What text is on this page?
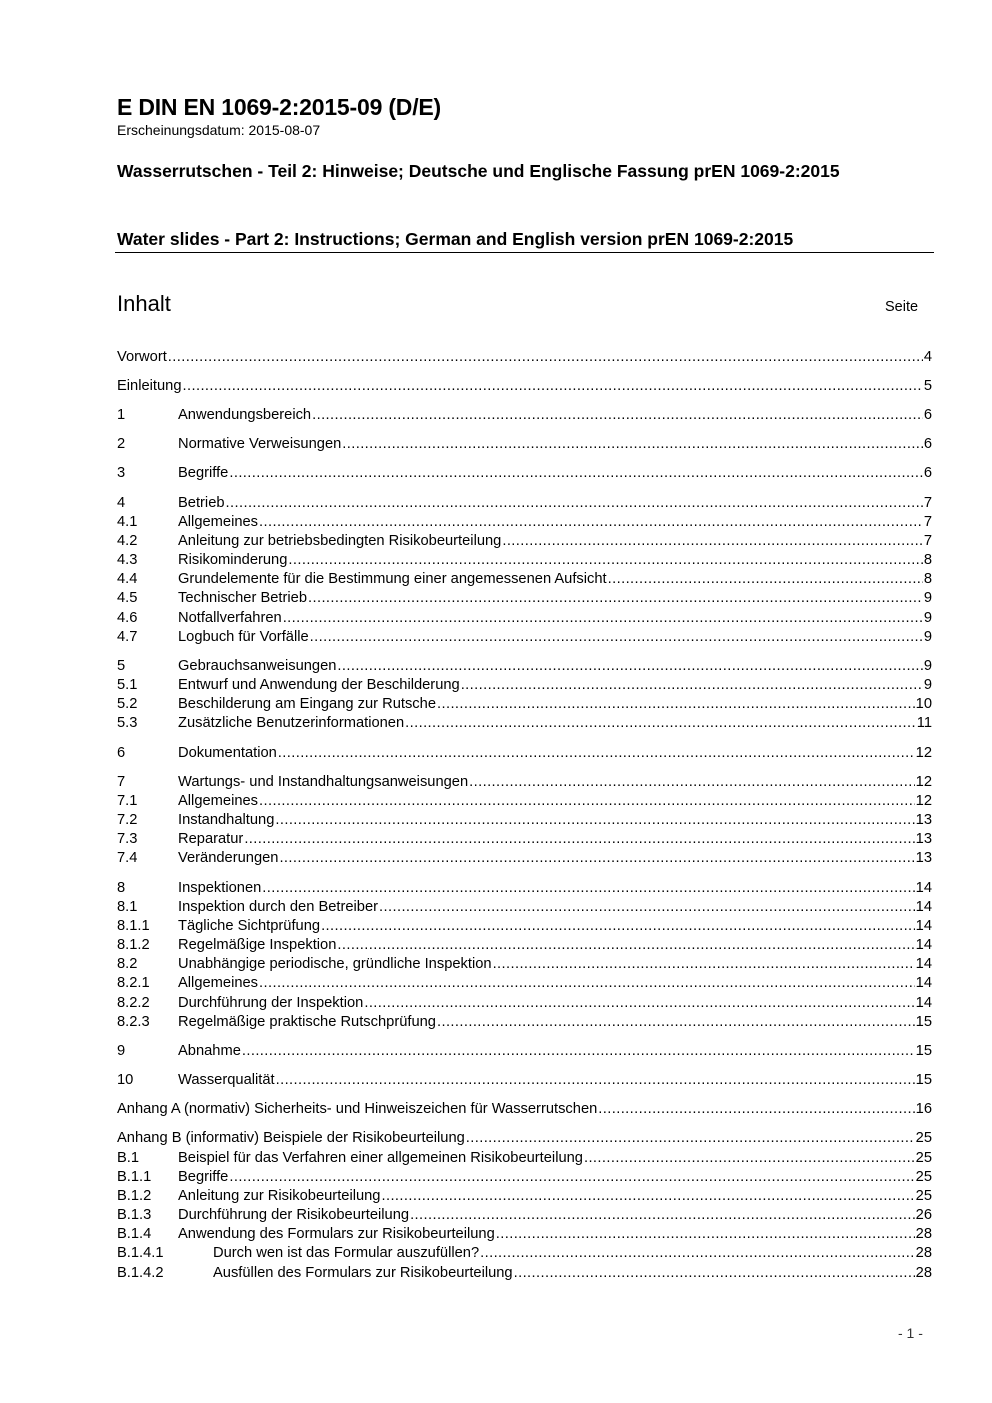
E DIN EN 1069-2:2015-09 (D/E)
Erscheinungsdatum: 2015-08-07
Wasserrutschen - Teil 2: Hinweise; Deutsche und Englische Fassung prEN 1069-2:2015
Water slides - Part 2: Instructions; German and English version prEN 1069-2:2015
Inhalt	Seite
Vorwort .....	4
Einleitung .....	5
1	Anwendungsbereich .....	6
2	Normative Verweisungen .....	6
3	Begriffe .....	6
4	Betrieb .....	7
4.1	Allgemeines .....	7
4.2	Anleitung zur betriebsbedingten Risikobeurteilung .....	7
4.3	Risikominderung .....	8
4.4	Grundelemente für die Bestimmung einer angemessenen Aufsicht .....	8
4.5	Technischer Betrieb .....	9
4.6	Notfallverfahren .....	9
4.7	Logbuch für Vorfälle .....	9
5	Gebrauchsanweisungen .....	9
5.1	Entwurf und Anwendung der Beschilderung .....	9
5.2	Beschilderung am Eingang zur Rutsche .....	10
5.3	Zusätzliche Benutzerinformationen .....	11
6	Dokumentation .....	12
7	Wartungs- und Instandhaltungsanweisungen .....	12
7.1	Allgemeines .....	12
7.2	Instandhaltung .....	13
7.3	Reparatur .....	13
7.4	Veränderungen .....	13
8	Inspektionen .....	14
8.1	Inspektion durch den Betreiber .....	14
8.1.1	Tägliche Sichtprüfung .....	14
8.1.2	Regelmäßige Inspektion .....	14
8.2	Unabhängige periodische, gründliche Inspektion .....	14
8.2.1	Allgemeines .....	14
8.2.2	Durchführung der Inspektion .....	14
8.2.3	Regelmäßige praktische Rutschprüfung .....	15
9	Abnahme .....	15
10	Wasserqualität .....	15
Anhang A (normativ) Sicherheits- und Hinweiszeichen für Wasserrutschen .....	16
Anhang B (informativ) Beispiele der Risikobeurteilung .....	25
B.1	Beispiel für das Verfahren einer allgemeinen Risikobeurteilung .....	25
B.1.1	Begriffe .....	25
B.1.2	Anleitung zur Risikobeurteilung .....	25
B.1.3	Durchführung der Risikobeurteilung .....	26
B.1.4	Anwendung des Formulars zur Risikobeurteilung .....	28
B.1.4.1	Durch wen ist das Formular auszufüllen? .....	28
B.1.4.2	Ausfüllen des Formulars zur Risikobeurteilung .....	28
- 1 -
